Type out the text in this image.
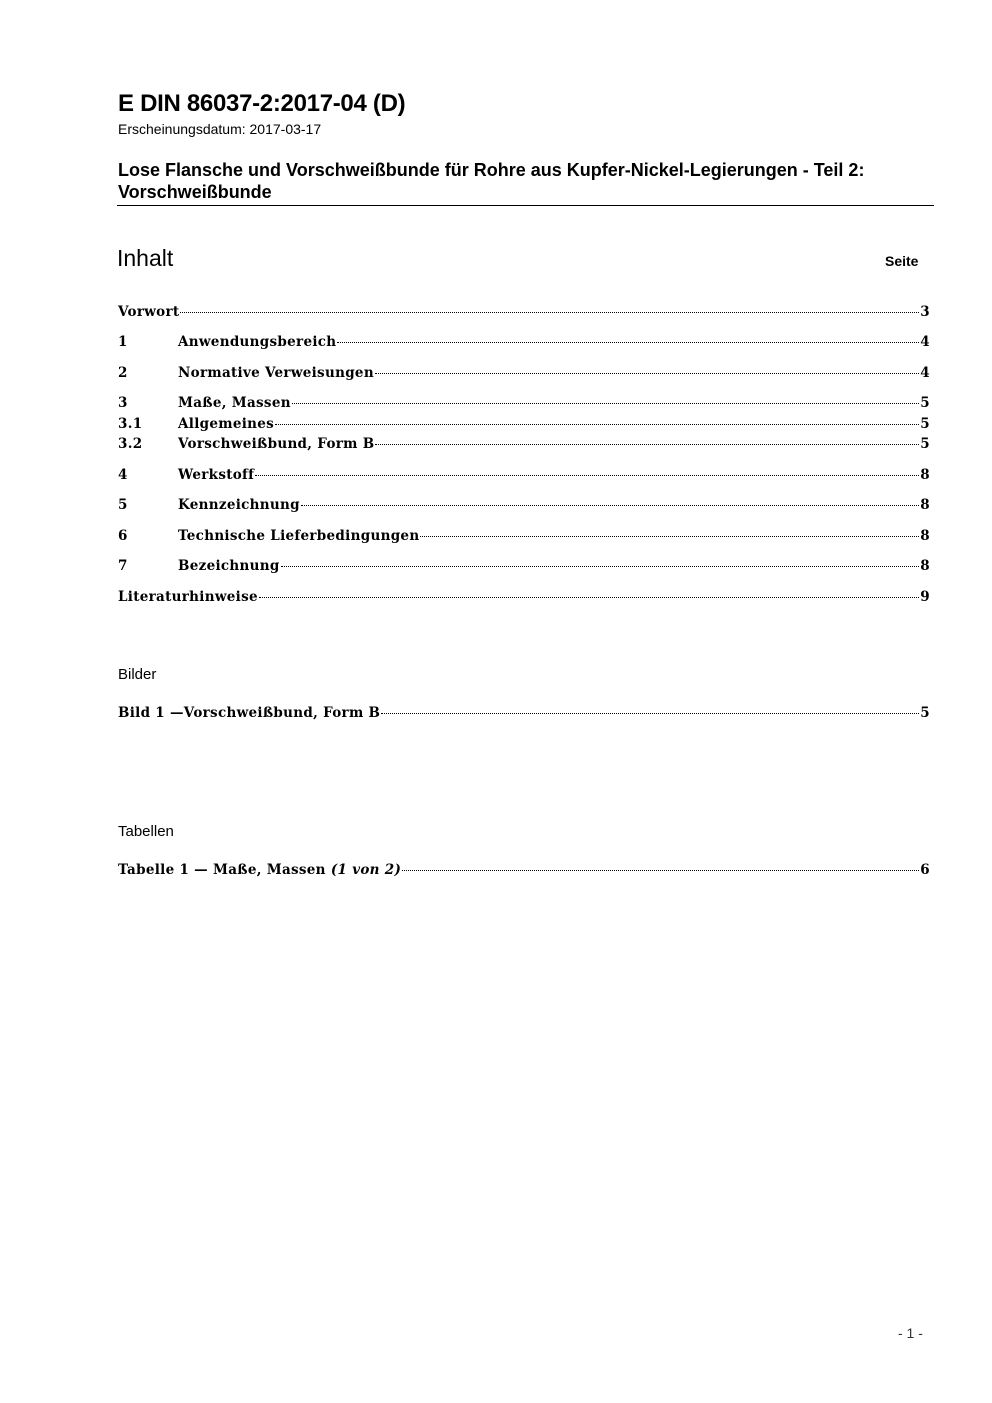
E DIN 86037-2:2017-04 (D)
Erscheinungsdatum: 2017-03-17
Lose Flansche und Vorschweißbunde für Rohre aus Kupfer-Nickel-Legierungen - Teil 2: Vorschweißbunde
Inhalt	Seite
Vorwort	3
1	Anwendungsbereich	4
2	Normative Verweisungen	4
3	Maße, Massen	5
3.1	Allgemeines	5
3.2	Vorschweißbund, Form B	5
4	Werkstoff	8
5	Kennzeichnung	8
6	Technische Lieferbedingungen	8
7	Bezeichnung	8
Literaturhinweise	9
Bilder
Bild 1 —Vorschweißbund, Form B	5
Tabellen
Tabelle 1 — Maße, Massen (1 von 2)	6
- 1 -
